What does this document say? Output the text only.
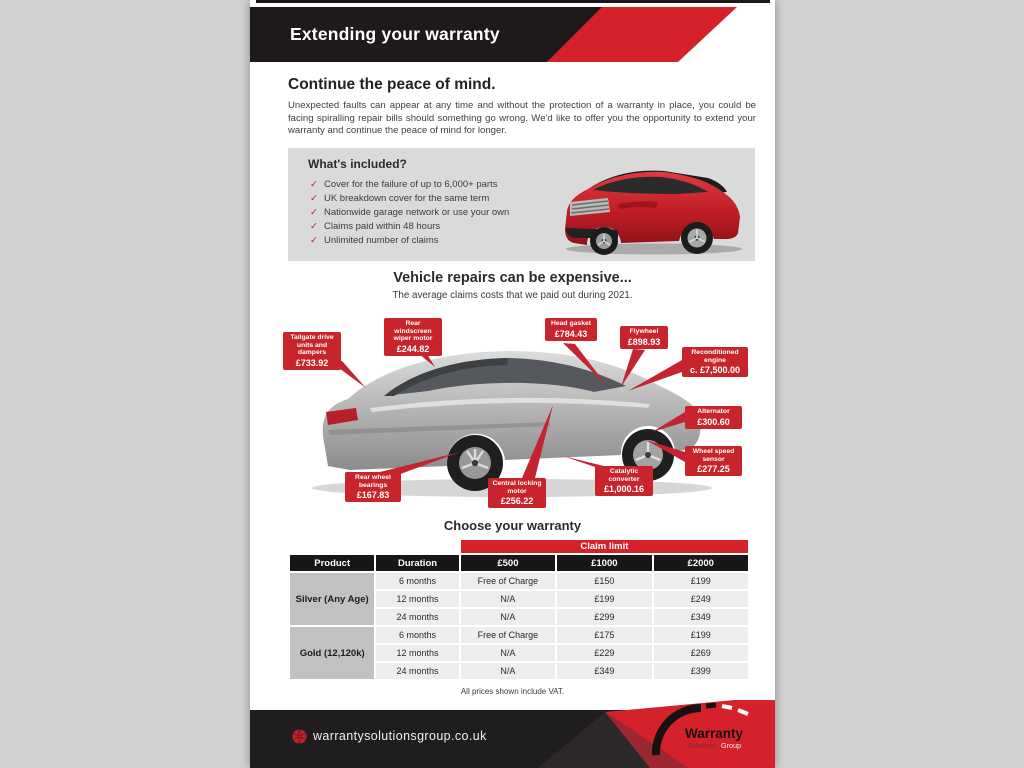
Extending your warranty
Continue the peace of mind.

Unexpected faults can appear at any time and without the protection of a warranty in place, you could be facing spiralling repair bills should something go wrong. We'd like to offer you the opportunity to extend your warranty and continue the peace of mind for longer.

What's included?
✓ Cover for the failure of up to 6,000+ parts
✓ UK breakdown cover for the same term
✓ Nationwide garage network or use your own
✓ Claims paid within 48 hours
✓ Unlimited number of claims
Vehicle repairs can be expensive...
The average claims costs that we paid out during 2021.
Tailgate drive units and dampers
£733.92
Rear windscreen wiper motor
£244.82
Head gasket
£784.43	Flywheel
£898.93
Reconditioned engine
c. £7,500.00
Alternator
£300.60
Wheel speed sensor
£277.25
Rear wheel bearings
£167.83
Central locking motor
£256.22
Catalytic converter
£1,000.16
Choose your warranty
		Claim limit		
Product	Duration	£500	£1000	£2000
Silver (Any Age)	6 months	Free of Charge	£150	£199
	12 months	N/A	£199	£249
	24 months	N/A	£299	£349
Gold (12,120k)	6 months	Free of Charge	£175	£199
	12 months	N/A	£229	£269
	24 months	N/A	£349	£399
All prices shown include VAT.
warrantysolutionsgroup.co.uk	Warranty
Solutions Group
